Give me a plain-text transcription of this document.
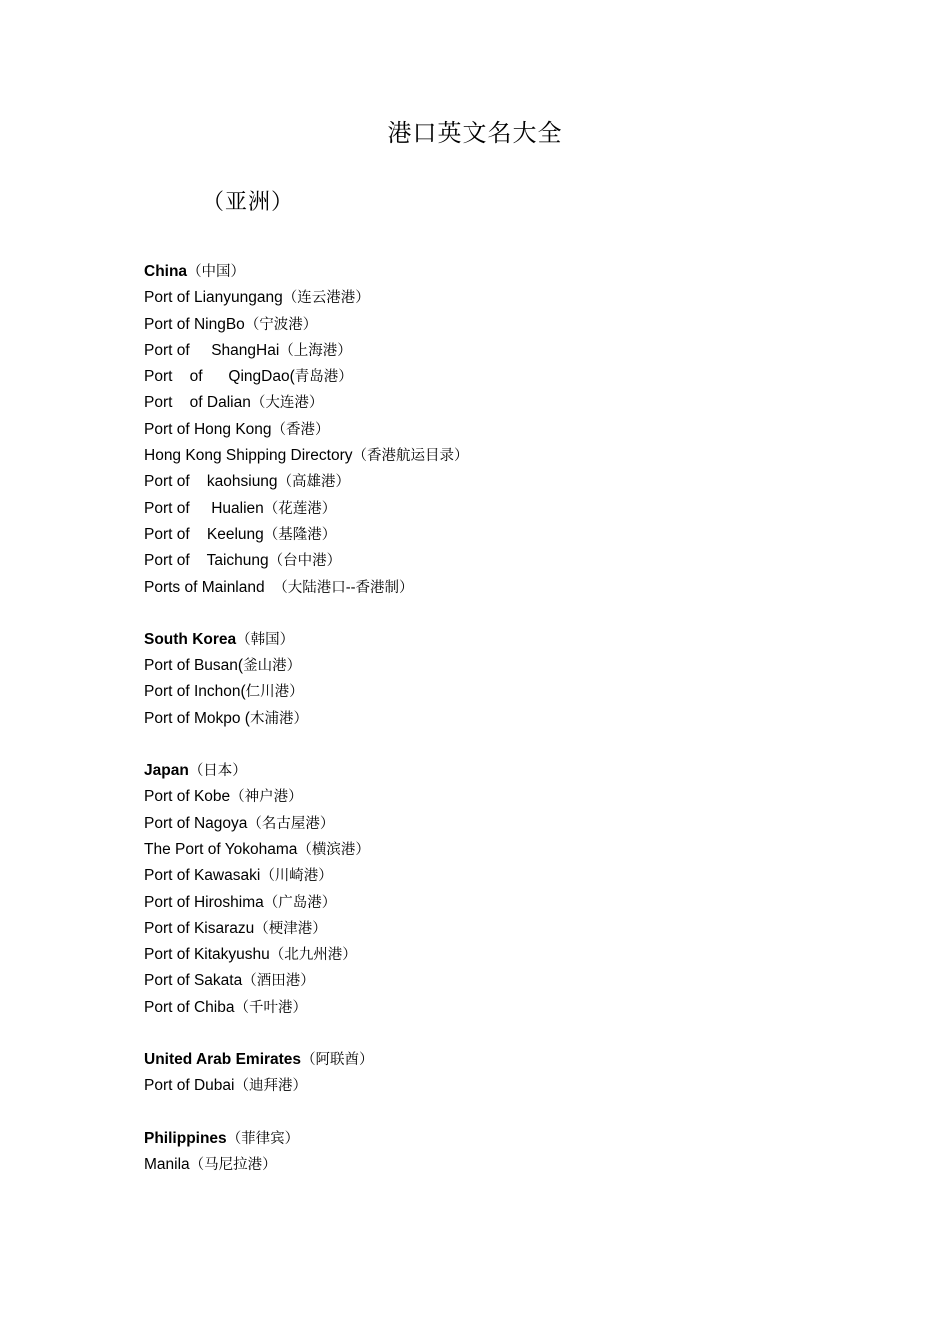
港口英文名大全
（亚洲）
China（中国）
Port of Lianyungang（连云港港）
Port of NingBo（宁波港）
Port of     ShangHai（上海港）
Port    of      QingDao(青岛港）
Port    of Dalian（大连港）
Port of Hong Kong（香港）
Hong Kong Shipping Directory（香港航运目录）
Port of    kaohsiung（高雄港）
Port of     Hualien（花莲港）
Port of    Keelung（基隆港）
Port of    Taichung（台中港）
Ports of Mainland  （大陆港口--香港制）
South Korea（韩国）
Port of Busan(釜山港）
Port of Inchon(仁川港）
Port of Mokpo (木浦港）
Japan（日本）
Port of Kobe（神户港）
Port of Nagoya（名古屋港）
The Port of Yokohama（横滨港）
Port of Kawasaki（川崎港）
Port of Hiroshima（广岛港）
Port of Kisarazu（梗津港）
Port of Kitakyushu（北九州港）
Port of Sakata（酒田港）
Port of Chiba（千叶港）
United Arab Emirates（阿联酋）
Port of Dubai（迪拜港）
Philippines（菲律宾）
Manila（马尼拉港）
